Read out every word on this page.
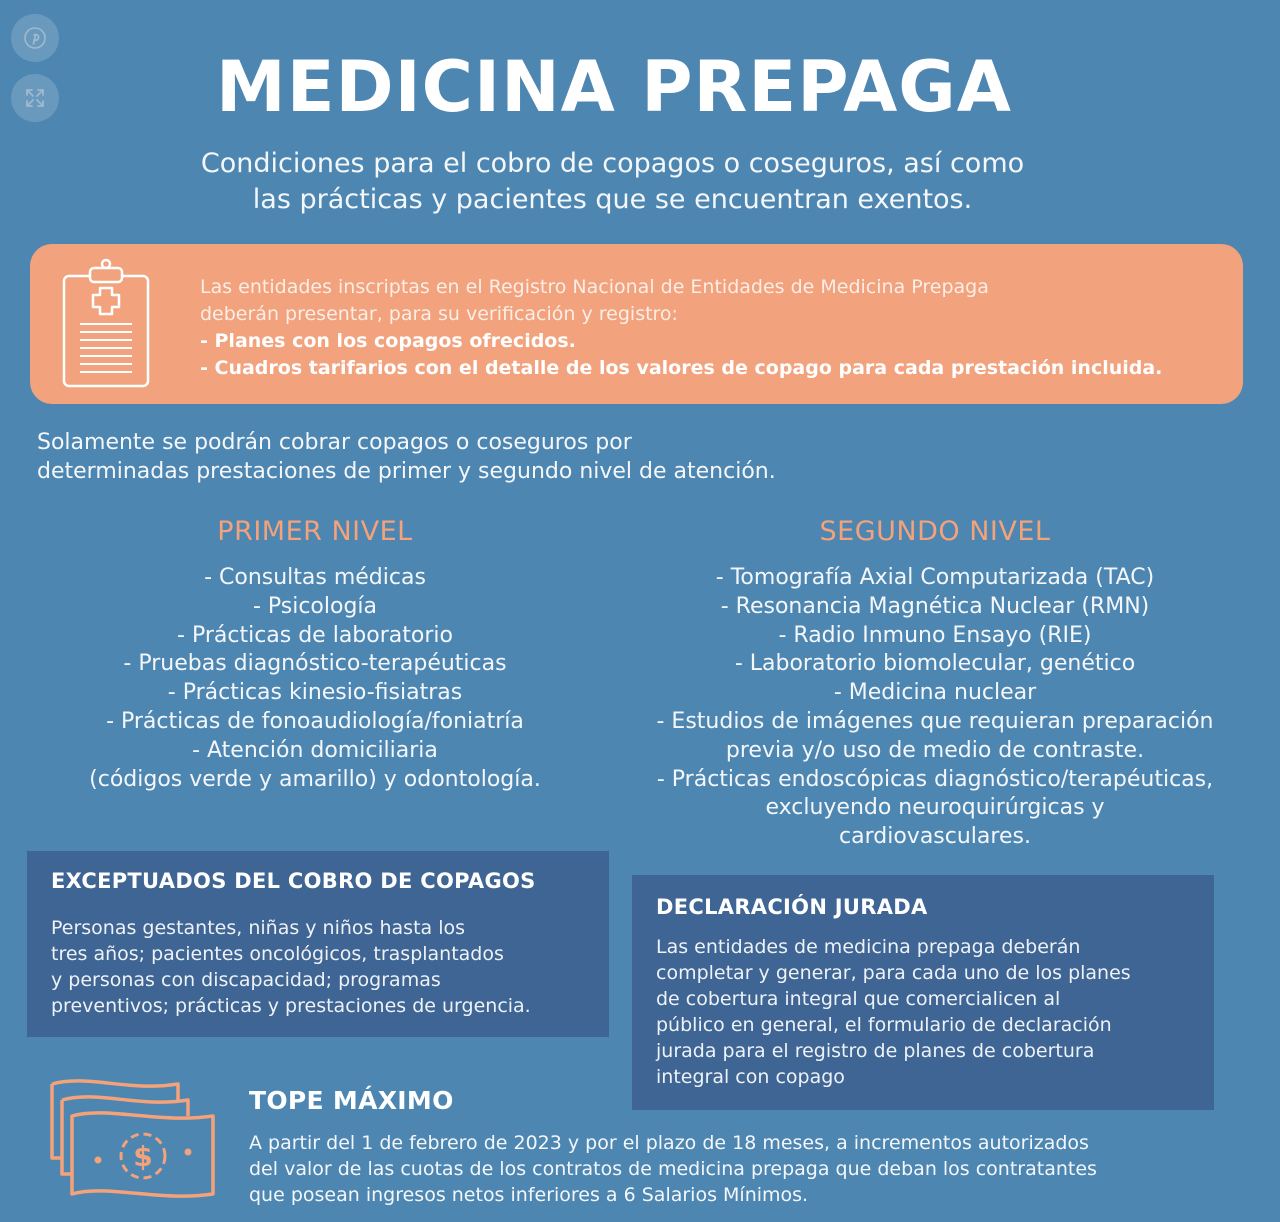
MEDICINA PREPAGA
Condiciones para el cobro de copagos o coseguros, así como
las prácticas y pacientes que se encuentran exentos.
Las entidades inscriptas en el Registro Nacional de Entidades de Medicina Prepaga
deberán presentar, para su verificación y registro:
- Planes con los copagos ofrecidos.
- Cuadros tarifarios con el detalle de los valores de copago para cada prestación incluida.
Solamente se podrán cobrar copagos o coseguros por
determinadas prestaciones de primer y segundo nivel de atención.
PRIMER NIVEL
- Consultas médicas
- Psicología
- Prácticas de laboratorio
- Pruebas diagnóstico-terapéuticas
- Prácticas kinesio-fisiatras
- Prácticas de fonoaudiología/foniatría
- Atención domiciliaria
(códigos verde y amarillo) y odontología.
SEGUNDO NIVEL
- Tomografía Axial Computarizada (TAC)
- Resonancia Magnética Nuclear (RMN)
- Radio Inmuno Ensayo (RIE)
- Laboratorio biomolecular, genético
- Medicina nuclear
- Estudios de imágenes que requieran preparación
previa y/o uso de medio de contraste.
- Prácticas endoscópicas diagnóstico/terapéuticas,
excluyendo neuroquirúrgicas y
cardiovasculares.
EXCEPTUADOS DEL COBRO DE COPAGOS

Personas gestantes, niñas y niños hasta los
tres años; pacientes oncológicos, trasplantados
y personas con discapacidad; programas
preventivos; prácticas y prestaciones de urgencia.

DECLARACIÓN JURADA

Las entidades de medicina prepaga deberán
completar y generar, para cada uno de los planes
de cobertura integral que comercialicen al
público en general, el formulario de declaración
jurada para el registro de planes de cobertura
integral con copago

$
TOPE MÁXIMO
A partir del 1 de febrero de 2023 y por el plazo de 18 meses, a incrementos autorizados
del valor de las cuotas de los contratos de medicina prepaga que deban los contratantes
que posean ingresos netos inferiores a 6 Salarios Mínimos.
